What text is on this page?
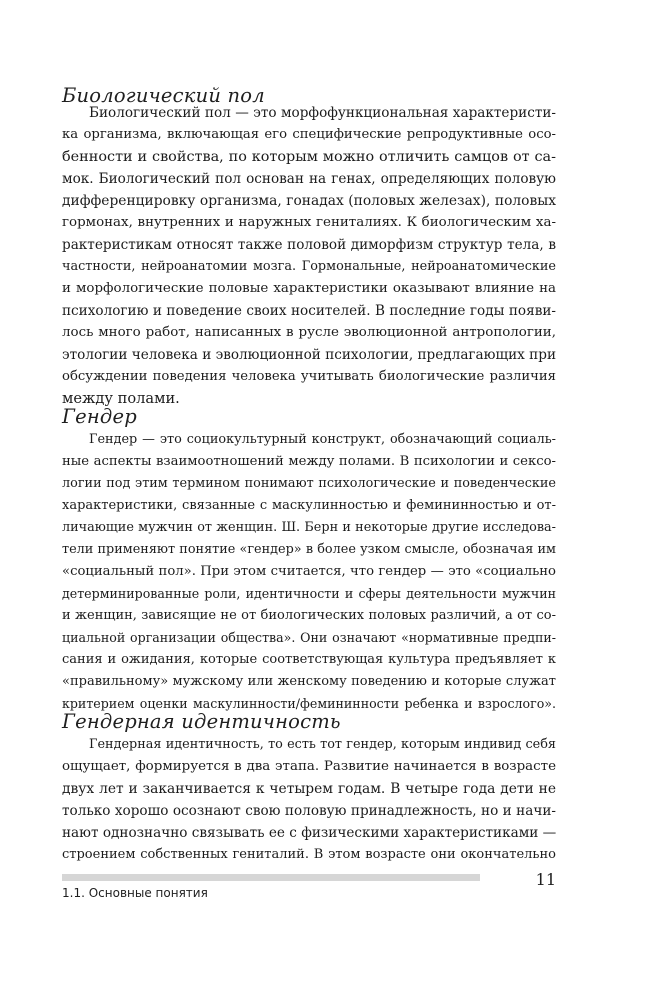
Биологический пол
Биологический пол — это морфофункциональная характеристи-
ка организма, включающая его специфические репродуктивные осо-
бенности и свойства, по которым можно отличить самцов от са-
мок. Биологический пол основан на генах, определяющих половую
дифференцировку организма, гонадах (половых железах), половых
гормонах, внутренних и наружных гениталиях. К биологическим ха-
рактеристикам относят также половой диморфизм структур тела, в
частности, нейроанатомии мозга. Гормональные, нейроанатомические
и морфологические половые характеристики оказывают влияние на
психологию и поведение своих носителей. В последние годы появи-
лось много работ, написанных в русле эволюционной антропологии,
этологии человека и эволюционной психологии, предлагающих при
обсуждении поведения человека учитывать биологические различия
между полами.
Гендер
Гендер — это социокультурный конструкт, обозначающий социаль-
ные аспекты взаимоотношений между полами. В психологии и сексо-
логии под этим термином понимают психологические и поведенческие
характеристики, связанные с маскулинностью и фемининностью и от-
личающие мужчин от женщин. Ш. Берн и некоторые другие исследова-
тели применяют понятие «гендер» в более узком смысле, обозначая им
«социальный пол». При этом считается, что гендер — это «социально
детерминированные роли, идентичности и сферы деятельности мужчин
и женщин, зависящие не от биологических половых различий, а от со-
циальной организации общества». Они означают «нормативные предпи-
сания и ожидания, которые соответствующая культура предъявляет к
«правильному» мужскому или женскому поведению и которые служат
критерием оценки маскулинности/фемининности ребенка и взрослого».
Гендерная идентичность
Гендерная идентичность, то есть тот гендер, которым индивид себя
ощущает, формируется в два этапа. Развитие начинается в возрасте
двух лет и заканчивается к четырем годам. В четыре года дети не
только хорошо осознают свою половую принадлежность, но и начи-
нают однозначно связывать ее с физическими характеристиками —
строением собственных гениталий. В этом возрасте они окончательно
1.1. Основные понятия
11
